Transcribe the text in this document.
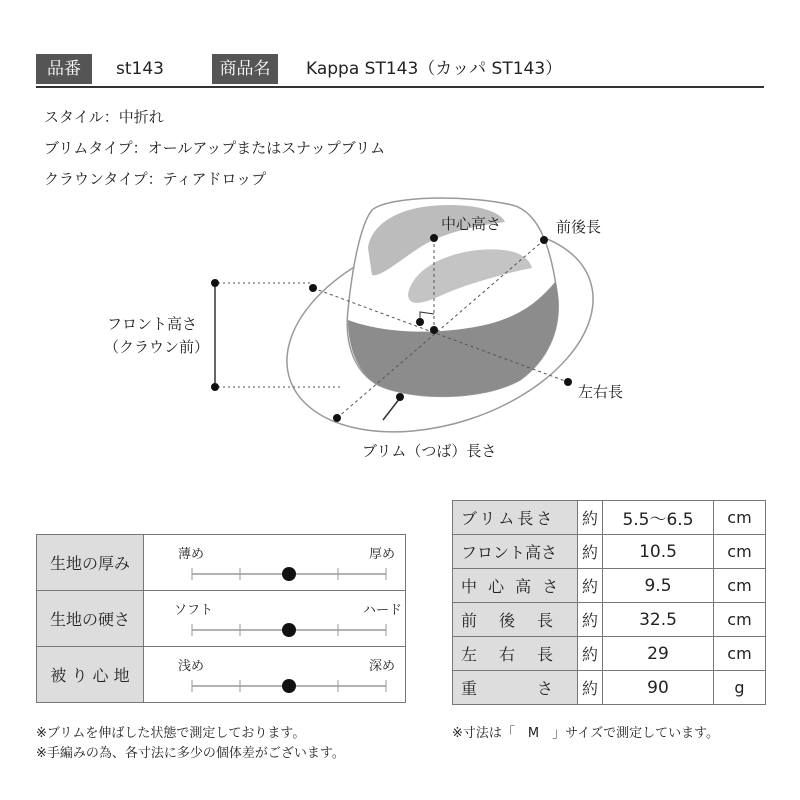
品番	st143	商品名	Kappa ST143（カッパ ST143）
スタイル：中折れ
ブリムタイプ：オールアップまたはスナップブリム
クラウンタイプ：ティアドロップ
中心高さ	前後長
フロント高さ
（クラウン前）
左右長
ブリム（つば）長さ
生地の厚み	薄め 厚め

生地の硬さ	ソフト ハード

被 り 心 地	浅め 深め
ブリム長さ	約	5.5〜6.5	cm
フロント高さ	約	10.5	cm
中 心 高 さ	約	9.5	cm
前　後　長	約	32.5	cm
左　右　長	約	29	cm
重　　　さ	約	90	g
※ブリムを伸ばした状態で測定しております。
※手編みの為、各寸法に多少の個体差がございます。
※寸法は「　M　」サイズで測定しています。
